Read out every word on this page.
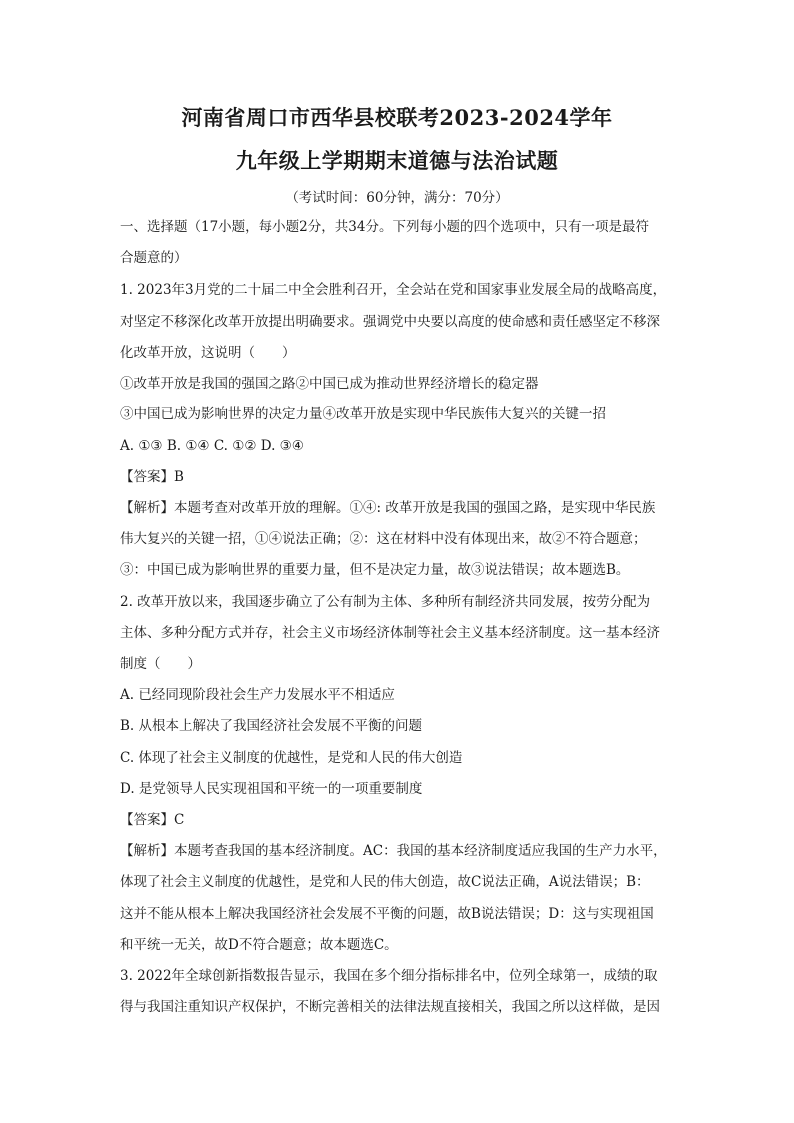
河南省周口市西华县校联考2023-2024学年
九年级上学期期末道德与法治试题
（考试时间：60分钟，满分：70分）
一、选择题（17小题，每小题2分，共34分。下列每小题的四个选项中，只有一项是最符
合题意的）
1. 2023年3月党的二十届二中全会胜利召开，全会站在党和国家事业发展全局的战略高度，
对坚定不移深化改革开放提出明确要求。强调党中央要以高度的使命感和责任感坚定不移深
化改革开放，这说明（　　）
①改革开放是我国的强国之路②中国已成为推动世界经济增长的稳定器
③中国已成为影响世界的决定力量④改革开放是实现中华民族伟大复兴的关键一招
A. ①③ B. ①④ C. ①② D. ③④
【答案】B
【解析】本题考查对改革开放的理解。①④: 改革开放是我国的强国之路，是实现中华民族
伟大复兴的关键一招，①④说法正确；②：这在材料中没有体现出来，故②不符合题意；
③：中国已成为影响世界的重要力量，但不是决定力量，故③说法错误；故本题选B。
2. 改革开放以来，我国逐步确立了公有制为主体、多种所有制经济共同发展，按劳分配为
主体、多种分配方式并存，社会主义市场经济体制等社会主义基本经济制度。这一基本经济
制度（　　）
A. 已经同现阶段社会生产力发展水平不相适应
B. 从根本上解决了我国经济社会发展不平衡的问题
C. 体现了社会主义制度的优越性，是党和人民的伟大创造
D. 是党领导人民实现祖国和平统一的一项重要制度
【答案】C
【解析】本题考查我国的基本经济制度。AC：我国的基本经济制度适应我国的生产力水平，
体现了社会主义制度的优越性，是党和人民的伟大创造，故C说法正确，A说法错误；B：
这并不能从根本上解决我国经济社会发展不平衡的问题，故B说法错误；D：这与实现祖国
和平统一无关，故D不符合题意；故本题选C。
3. 2022年全球创新指数报告显示，我国在多个细分指标排名中，位列全球第一，成绩的取
得与我国注重知识产权保护，不断完善相关的法律法规直接相关，我国之所以这样做，是因
